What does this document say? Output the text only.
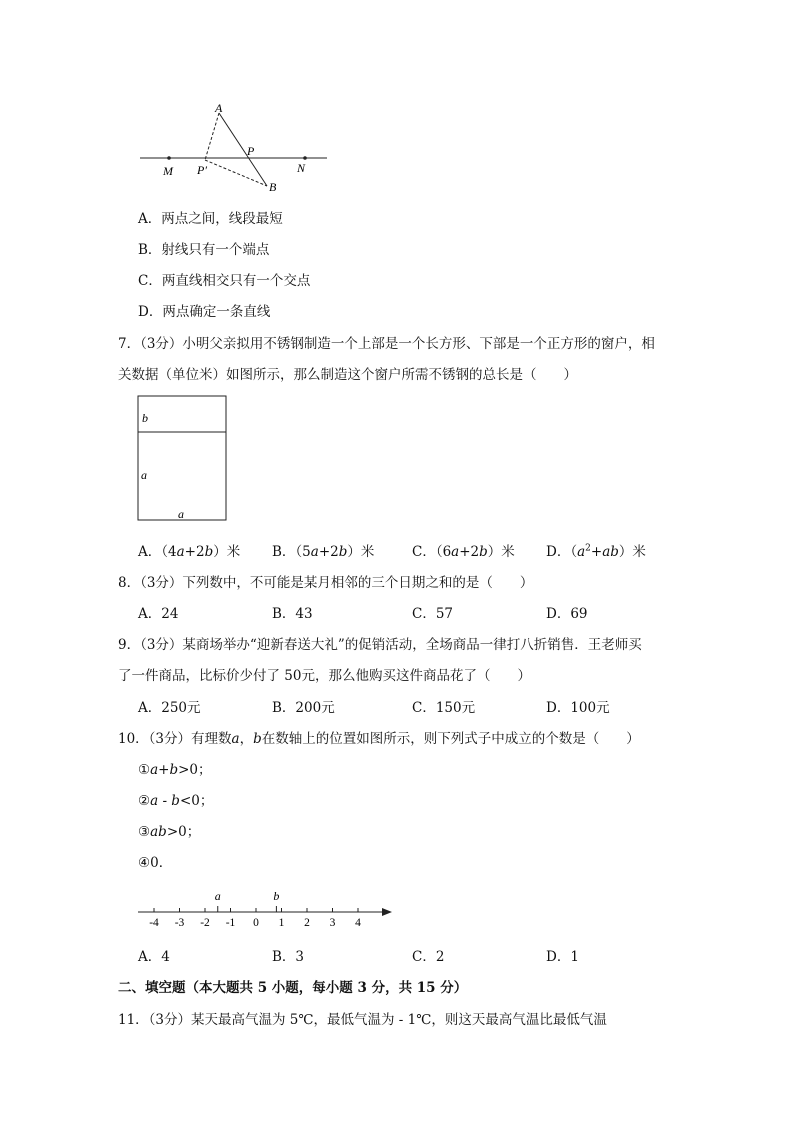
A
P
M P′	N
B
A．两点之间，线段最短
B．射线只有一个端点
C．两直线相交只有一个交点
D．两点确定一条直线
7．（3分）小明父亲拟用不锈钢制造一个上部是一个长方形、下部是一个正方形的窗户，相
关数据（单位米）如图所示，那么制造这个窗户所需不锈钢的总长是（　　）
b
a
a
A．（4a+2b）米 B．（5a+2b）米	C．（6a+2b）米 D．$(a^2+ab)$米
8．（3分）下列数中，不可能是某月相邻的三个日期之和的是（　　）
A．24	B．43	C．57	D．69
9．（3分）某商场举办“迎新春送大礼”的促销活动，全场商品一律打八折销售．王老师买
了一件商品，比标价少付了 50元，那么他购买这件商品花了（　　）
A．250元	B．200元	C．150元	D．100元
10．（3分）有理数a，b在数轴上的位置如图所示，则下列式子中成立的个数是（　　）
①a+b>0；
②a - b<0；
③ab>0；
④0．
-4 -3 -2 -1 0 1 2 3 4
a	b
A．4	B．3	C．2	D．1
二、填空题（本大题共 5 小题，每小题 3 分，共 15 分）
11．（3分）某天最高气温为 5℃，最低气温为 - 1℃，则这天最高气温比最低气温
